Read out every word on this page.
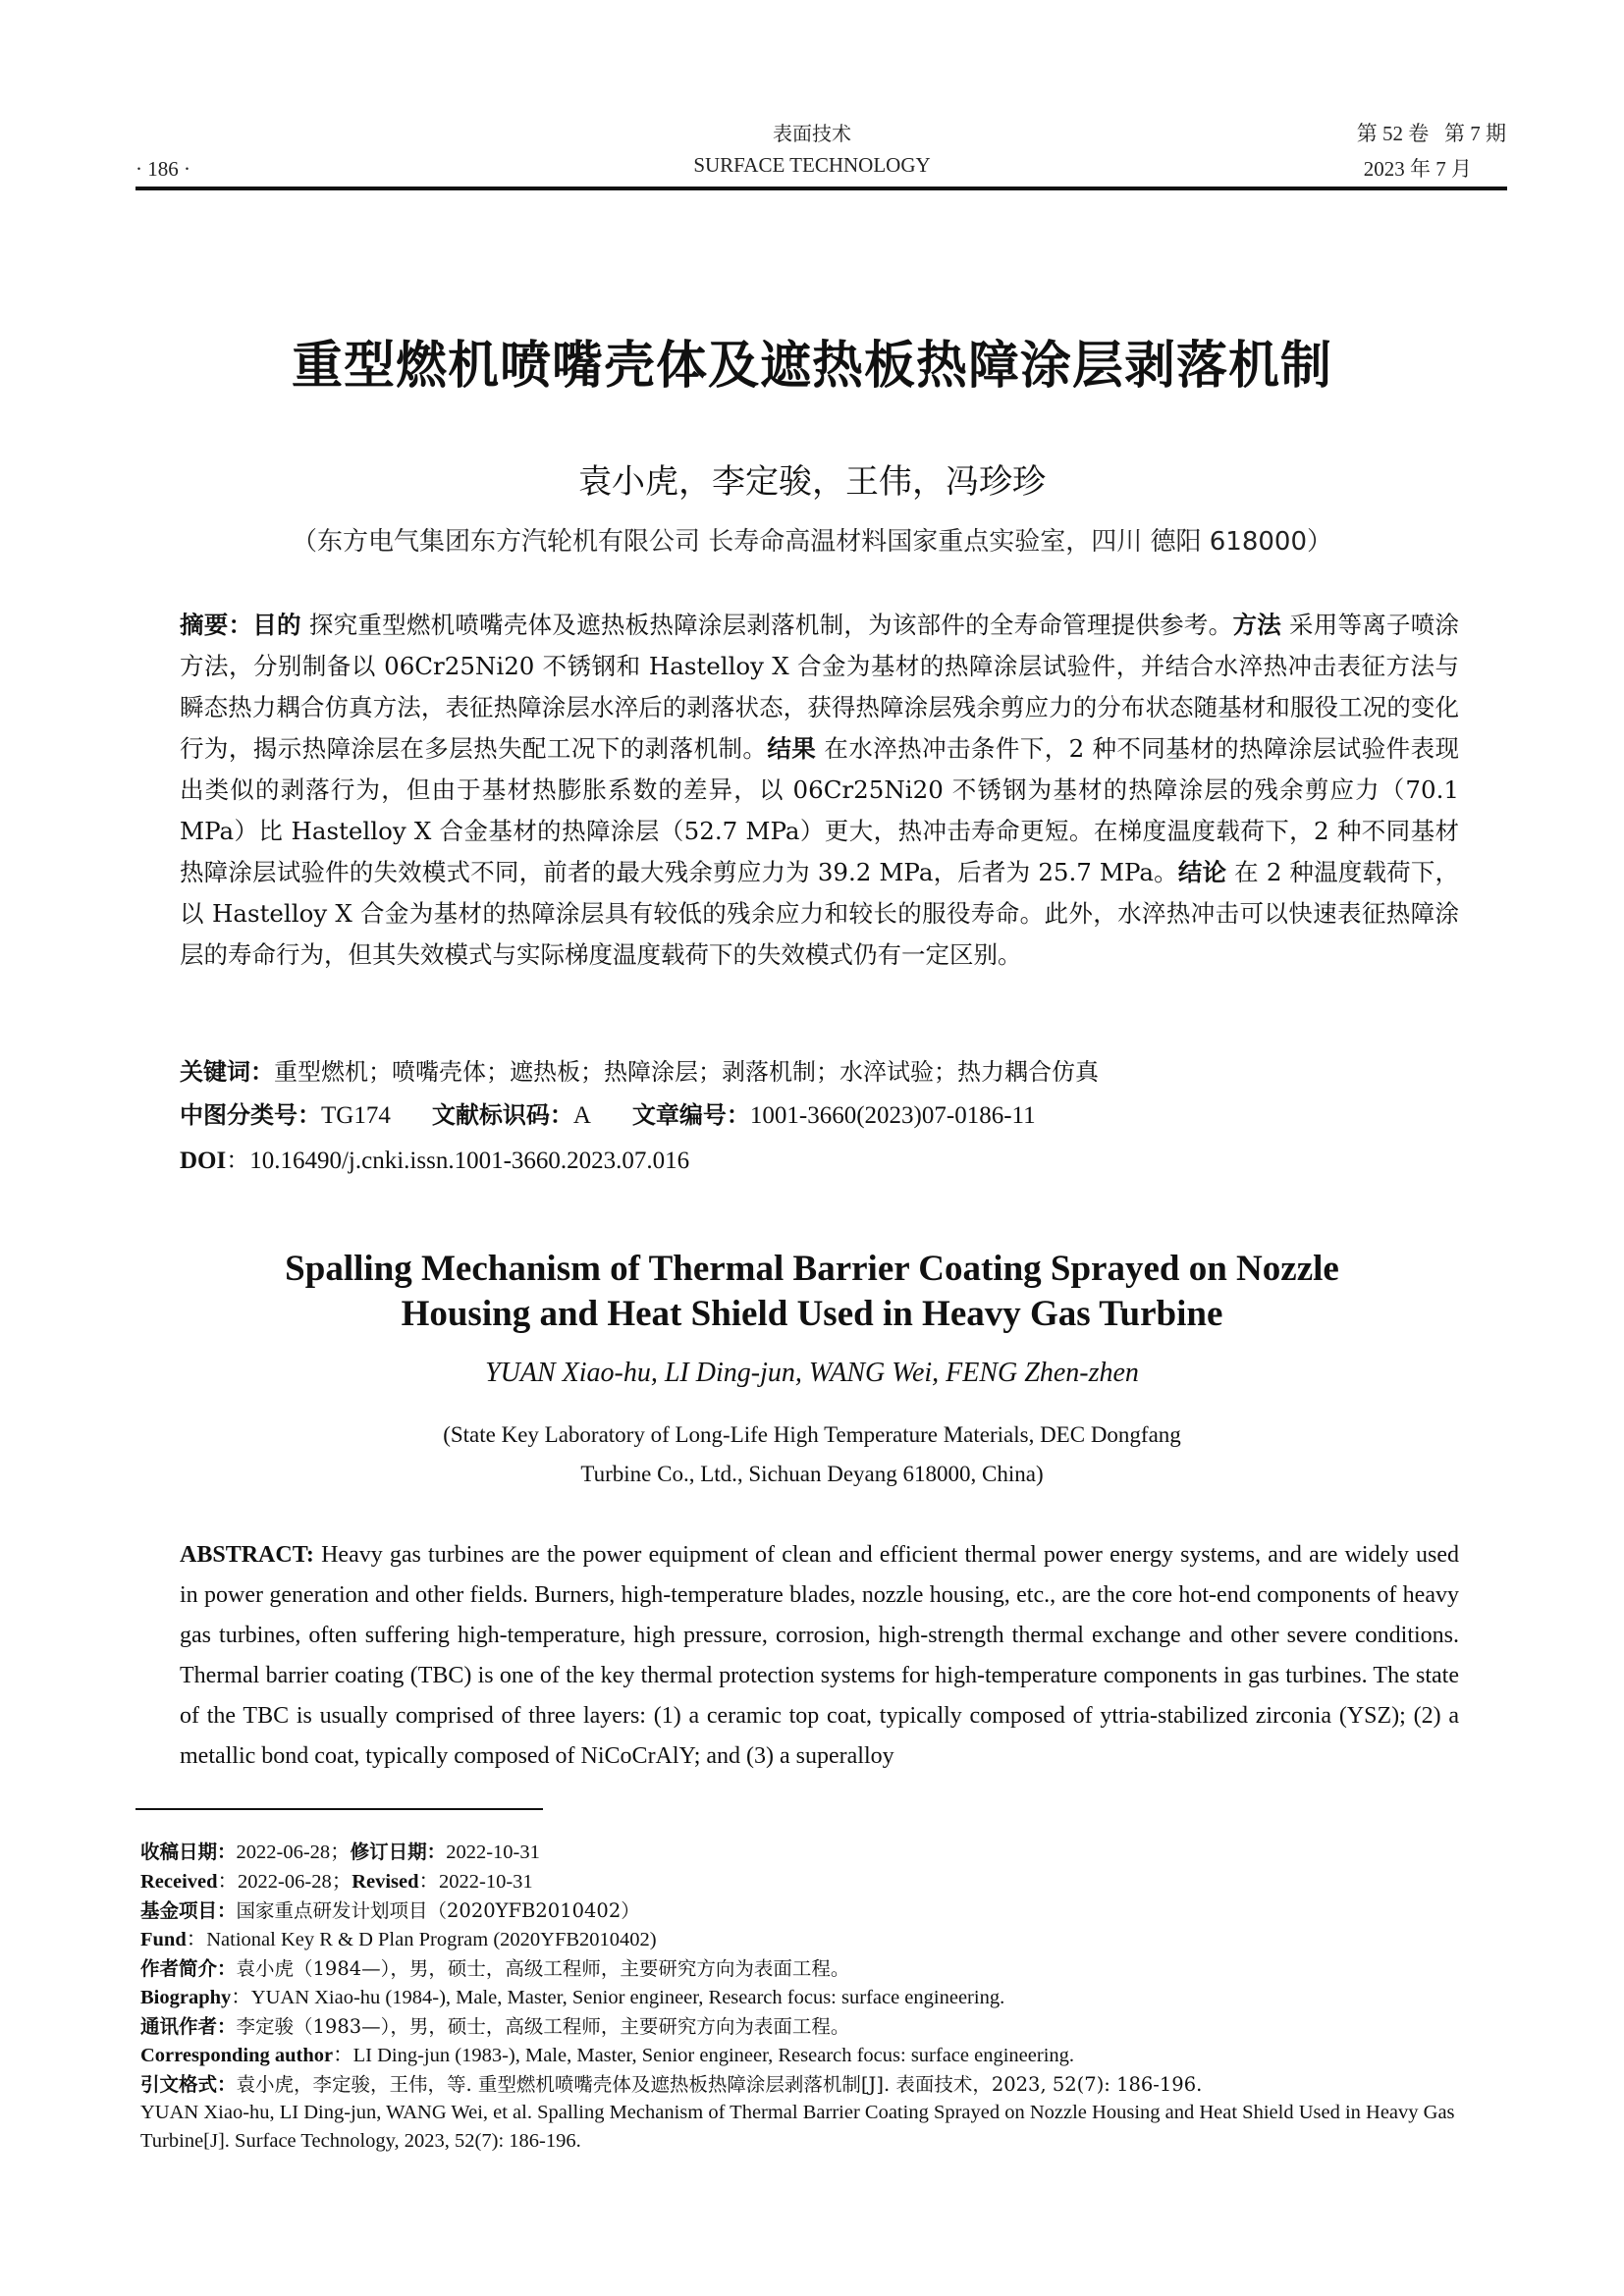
· 186 ·
表面技术
SURFACE TECHNOLOGY
第 52 卷   第 7 期
2023 年 7 月
重型燃机喷嘴壳体及遮热板热障涂层剥落机制
袁小虎，李定骏，王伟，冯珍珍
（东方电气集团东方汽轮机有限公司 长寿命高温材料国家重点实验室，四川 德阳 618000）
摘要：目的 探究重型燃机喷嘴壳体及遮热板热障涂层剥落机制，为该部件的全寿命管理提供参考。方法 采用等离子喷涂方法，分别制备以 06Cr25Ni20 不锈钢和 Hastelloy X 合金为基材的热障涂层试验件，并结合水淬热冲击表征方法与瞬态热力耦合仿真方法，表征热障涂层水淬后的剥落状态，获得热障涂层残余剪应力的分布状态随基材和服役工况的变化行为，揭示热障涂层在多层热失配工况下的剥落机制。结果 在水淬热冲击条件下，2 种不同基材的热障涂层试验件表现出类似的剥落行为，但由于基材热膨胀系数的差异，以 06Cr25Ni20 不锈钢为基材的热障涂层的残余剪应力（70.1 MPa）比 Hastelloy X 合金基材的热障涂层（52.7 MPa）更大，热冲击寿命更短。在梯度温度载荷下，2 种不同基材热障涂层试验件的失效模式不同，前者的最大残余剪应力为 39.2 MPa，后者为 25.7 MPa。结论 在 2 种温度载荷下，以 Hastelloy X 合金为基材的热障涂层具有较低的残余应力和较长的服役寿命。此外，水淬热冲击可以快速表征热障涂层的寿命行为，但其失效模式与实际梯度温度载荷下的失效模式仍有一定区别。
关键词：重型燃机；喷嘴壳体；遮热板；热障涂层；剥落机制；水淬试验；热力耦合仿真
中图分类号：TG174 文献标识码：A 文章编号：1001-3660(2023)07-0186-11
DOI：10.16490/j.cnki.issn.1001-3660.2023.07.016
Spalling Mechanism of Thermal Barrier Coating Sprayed on Nozzle
Housing and Heat Shield Used in Heavy Gas Turbine
YUAN Xiao-hu, LI Ding-jun, WANG Wei, FENG Zhen-zhen
(State Key Laboratory of Long-Life High Temperature Materials, DEC Dongfang
Turbine Co., Ltd., Sichuan Deyang 618000, China)
ABSTRACT: Heavy gas turbines are the power equipment of clean and efficient thermal power energy systems, and are widely used in power generation and other fields. Burners, high-temperature blades, nozzle housing, etc., are the core hot-end components of heavy gas turbines, often suffering high-temperature, high pressure, corrosion, high-strength thermal exchange and other severe conditions. Thermal barrier coating (TBC) is one of the key thermal protection systems for high-temperature components in gas turbines. The state of the TBC is usually comprised of three layers: (1) a ceramic top coat, typically composed of yttria-stabilized zirconia (YSZ); (2) a metallic bond coat, typically composed of NiCoCrAlY; and (3) a superalloy
收稿日期：2022-06-28；修订日期：2022-10-31
Received：2022-06-28；Revised：2022-10-31
基金项目：国家重点研发计划项目（2020YFB2010402）
Fund：National Key R & D Plan Program (2020YFB2010402)
作者简介：袁小虎（1984—），男，硕士，高级工程师，主要研究方向为表面工程。
Biography：YUAN Xiao-hu (1984-), Male, Master, Senior engineer, Research focus: surface engineering.
通讯作者：李定骏（1983—），男，硕士，高级工程师，主要研究方向为表面工程。
Corresponding author：LI Ding-jun (1983-), Male, Master, Senior engineer, Research focus: surface engineering.
引文格式：袁小虎，李定骏，王伟，等. 重型燃机喷嘴壳体及遮热板热障涂层剥落机制[J]. 表面技术，2023, 52(7): 186-196.
YUAN Xiao-hu, LI Ding-jun, WANG Wei, et al. Spalling Mechanism of Thermal Barrier Coating Sprayed on Nozzle Housing and Heat Shield Used in Heavy Gas Turbine[J]. Surface Technology, 2023, 52(7): 186-196.
